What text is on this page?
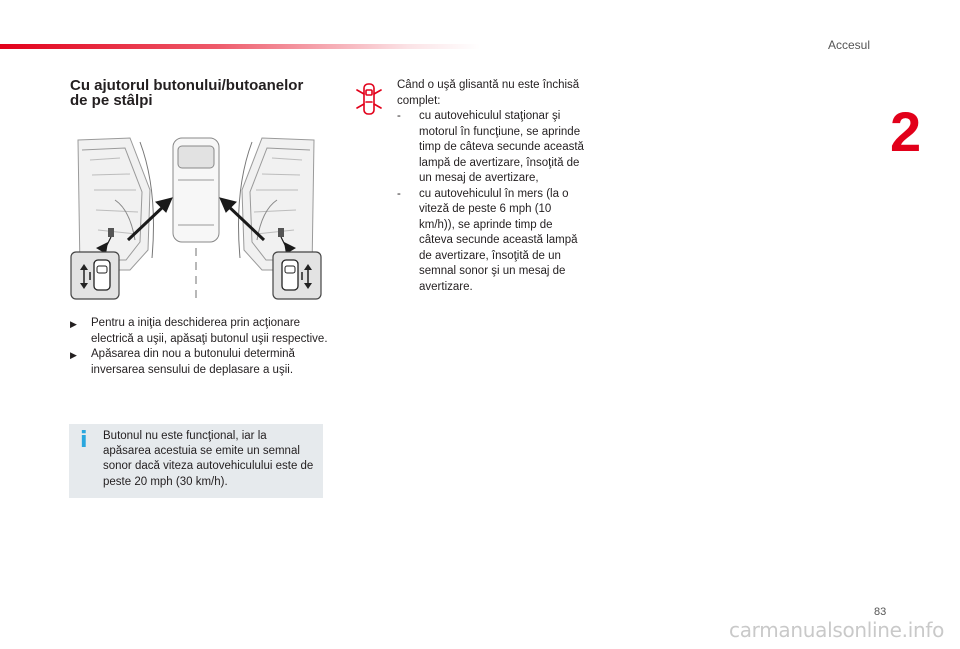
Accesul
2
Cu ajutorul butonului/butoanelor
de pe stâlpi
▶ Pentru a iniţia deschiderea prin acţionare electrică a uşii, apăsaţi butonul uşii respective.
▶ Apăsarea din nou a butonului determină inversarea sensului de deplasare a uşii.
i Butonul nu este funcţional, iar la apăsarea acestuia se emite un semnal sonor dacă viteza autovehiculului este de peste 20 mph (30 km/h).
Când o uşă glisantă nu este închisă complet:
- cu autovehiculul staţionar şi motorul în funcţiune, se aprinde timp de câteva secunde această lampă de avertizare, însoţită de un mesaj de avertizare,
- cu autovehiculul în mers (la o viteză de peste 6 mph (10 km/h)), se aprinde timp de câteva secunde această lampă de avertizare, însoţită de un semnal sonor şi un mesaj de avertizare.
83
carmanualsonline.info
